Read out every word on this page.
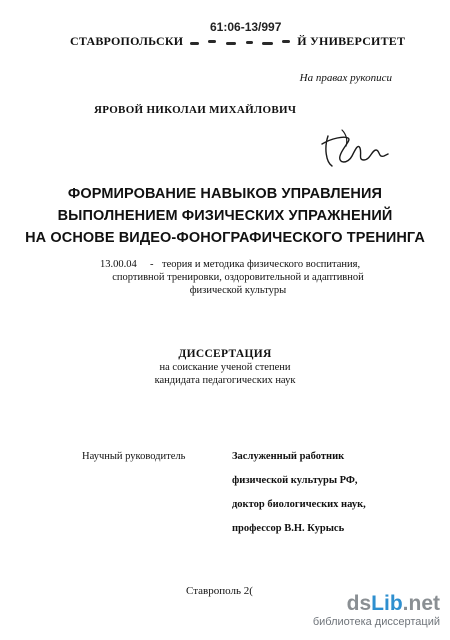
61:06-13/997
СТАВРОПОЛЬСКИ	Й УНИВЕРСИТЕТ
На правах рукописи
ЯРОВОЙ НИКОЛАИ МИХАЙЛОВИЧ
ФОРМИРОВАНИЕ НАВЫКОВ УПРАВЛЕНИЯ
ВЫПОЛНЕНИЕМ ФИЗИЧЕСКИХ УПРАЖНЕНИЙ
НА ОСНОВЕ ВИДЕО-ФОНОГРАФИЧЕСКОГО ТРЕНИНГА
13.00.04 - теория и методика физического воспитания,
спортивной тренировки, оздоровительной и адаптивной
физической культуры
ДИССЕРТАЦИЯ
на соискание ученой степени
кандидата педагогических наук
Научный руководитель	Заслуженный работник
физической культуры РФ,
доктор биологических наук,
профессор В.Н. Курысь
Ставрополь 2(
dsLib.net
библиотека диссертаций
